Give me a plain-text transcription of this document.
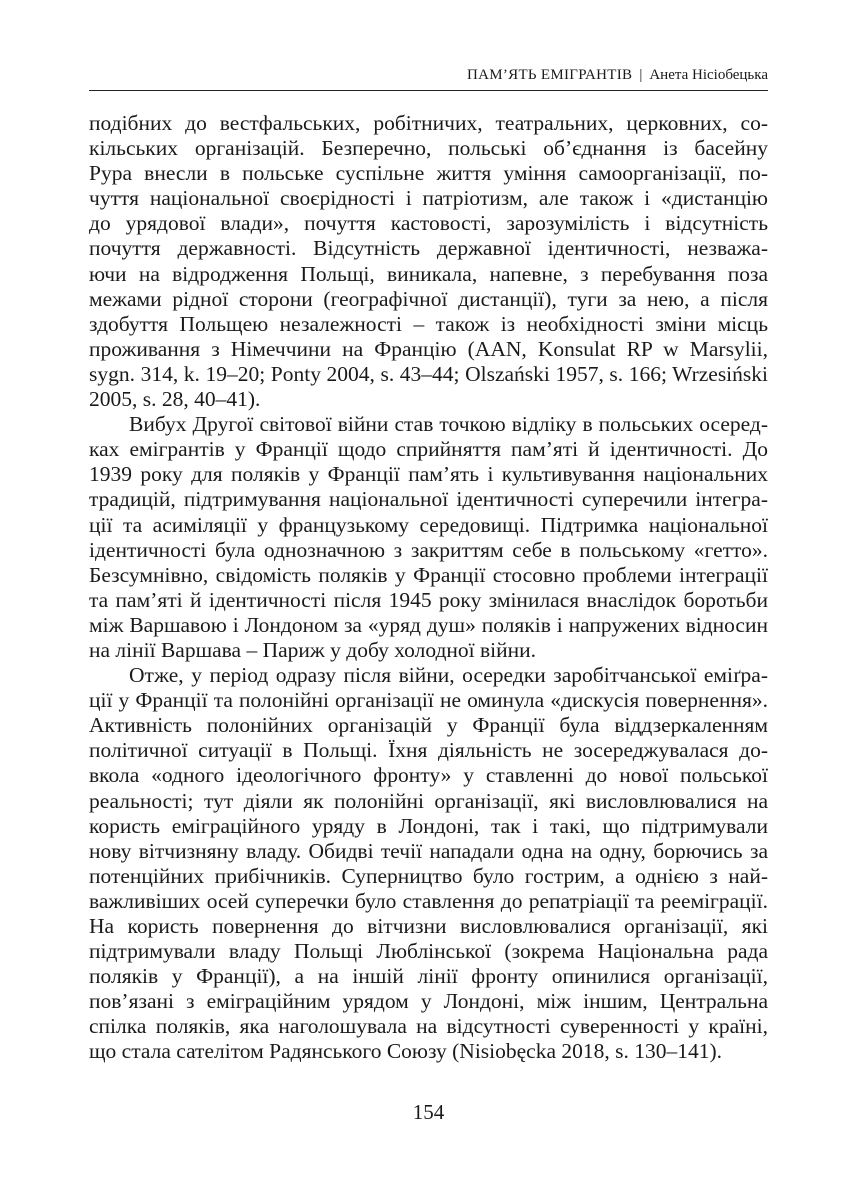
ПАМ’ЯТЬ ЕМІГРАНТІВ | Анета Нісіобецька
подібних до вестфальських, робітничих, театральних, церковних, со-
кільських організацій. Безперечно, польські об’єднання із басейну
Рура внесли в польське суспільне життя уміння самоорганізації, по-
чуття національної своєрідності і патріотизм, але також і «дистанцію
до урядової влади», почуття кастовості, зарозумілість і відсутність
почуття державності. Відсутність державної ідентичності, незважа-
ючи на відродження Польщі, виникала, напевне, з перебування поза
межами рідної сторони (географічної дистанції), туги за нею, а після
здобуття Польщею незалежності – також із необхідності зміни місць
проживання з Німеччини на Францію (AAN, Konsulat RP w Marsylii,
sygn. 314, k. 19–20; Ponty 2004, s. 43–44; Olszański 1957, s. 166; Wrzesiński
2005, s. 28, 40–41).
Вибух Другої світової війни став точкою відліку в польських осеред-
ках емігрантів у Франції щодо сприйняття пам’яті й ідентичності. До
1939 року для поляків у Франції пам’ять і культивування національних
традицій, підтримування національної ідентичності суперечили інтегра-
ції та асиміляції у французькому середовищі. Підтримка національної
ідентичності була однозначною з закриттям себе в польському «гетто».
Безсумнівно, свідомість поляків у Франції стосовно проблеми інтеграції
та пам’яті й ідентичності після 1945 року змінилася внаслідок боротьби
між Варшавою і Лондоном за «уряд душ» поляків і напружених відносин
на лінії Варшава – Париж у добу холодної війни.
Отже, у період одразу після війни, осередки заробітчанської еміґра-
ції у Франції та полонійні організації не оминула «дискусія повернення».
Активність полонійних організацій у Франції була віддзеркаленням
політичної ситуації в Польщі. Їхня діяльність не зосереджувалася до-
вкола «одного ідеологічного фронту» у ставленні до нової польської
реальності; тут діяли як полонійні організації, які висловлювалися на
користь еміграційного уряду в Лондоні, так і такі, що підтримували
нову вітчизняну владу. Обидві течії нападали одна на одну, борючись за
потенційних прибічників. Суперництво було гострим, а однією з най-
важливіших осей суперечки було ставлення до репатріації та рееміграції.
На користь повернення до вітчизни висловлювалися організації, які
підтримували владу Польщі Люблінської (зокрема Національна рада
поляків у Франції), а на іншій лінії фронту опинилися організації,
пов’язані з еміграційним урядом у Лондоні, між іншим, Центральна
спілка поляків, яка наголошувала на відсутності суверенності у країні,
що стала сателітом Радянського Союзу (Nisiobęcka 2018, s. 130–141).
154
